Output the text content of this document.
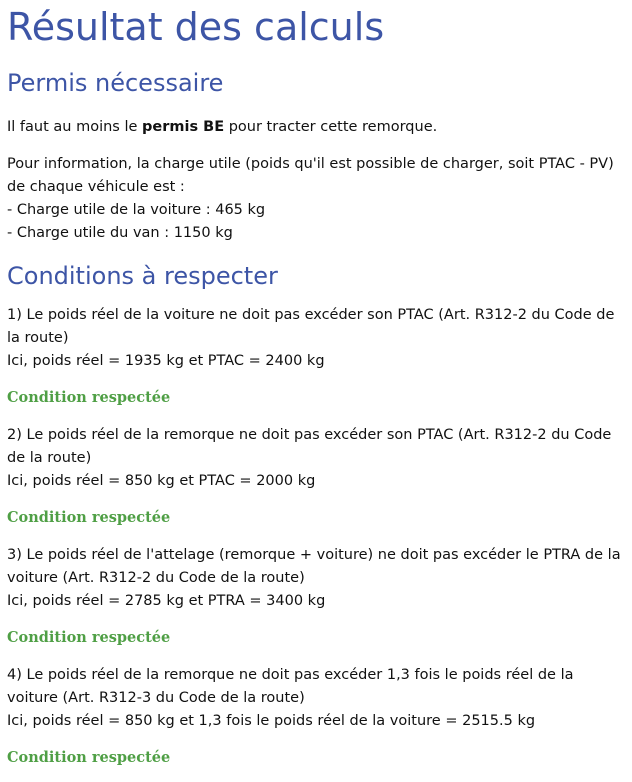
Résultat des calculs
Permis nécessaire

Il faut au moins le permis BE pour tracter cette remorque.

Pour information, la charge utile (poids qu'il est possible de charger, soit PTAC - PV) de chaque véhicule est :
- Charge utile de la voiture : 465 kg
- Charge utile du van : 1150 kg

Conditions à respecter

1) Le poids réel de la voiture ne doit pas excéder son PTAC (Art. R312-2 du Code de la route)
Ici, poids réel = 1935 kg et PTAC = 2400 kg

Condition respectée

2) Le poids réel de la remorque ne doit pas excéder son PTAC (Art. R312-2 du Code de la route)
Ici, poids réel = 850 kg et PTAC = 2000 kg

Condition respectée

3) Le poids réel de l'attelage (remorque + voiture) ne doit pas excéder le PTRA de la voiture (Art. R312-2 du Code de la route)
Ici, poids réel = 2785 kg et PTRA = 3400 kg

Condition respectée

4) Le poids réel de la remorque ne doit pas excéder 1,3 fois le poids réel de la voiture (Art. R312-3 du Code de la route)
Ici, poids réel = 850 kg et 1,3 fois le poids réel de la voiture = 2515.5 kg

Condition respectée
